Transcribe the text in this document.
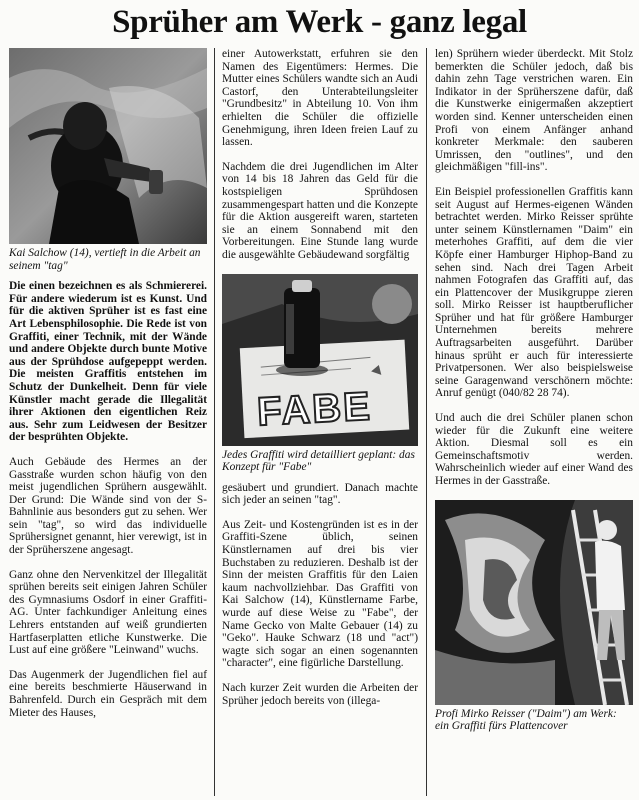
Sprüher am Werk - ganz legal
Kai Salchow (14), vertieft in die Arbeit an seinem "tag"

Die einen bezeichnen es als Schmiererei. Für andere wiederum ist es Kunst. Und für die aktiven Sprüher ist es fast eine Art Lebensphilosophie. Die Rede ist von Graffiti, einer Technik, mit der Wände und andere Objekte durch bunte Motive aus der Sprühdose aufgepeppt werden. Die meisten Graffitis entstehen im Schutz der Dunkelheit. Denn für viele Künstler macht gerade die Illegalität ihrer Aktionen den eigentlichen Reiz aus. Sehr zum Leidwesen der Besitzer der besprühten Objekte.

Auch Gebäude des Hermes an der Gasstraße wurden schon häufig von den meist jugendlichen Sprühern ausgewählt. Der Grund: Die Wände sind von der S-Bahnlinie aus besonders gut zu sehen. Wer sein "tag", so wird das individuelle Sprühersignet genannt, hier verewigt, ist in der Sprüherszene angesagt.

Ganz ohne den Nervenkitzel der Illegalität sprühen bereits seit einigen Jahren Schüler des Gymnasiums Osdorf in einer Graffiti-AG. Unter fachkundiger Anleitung eines Lehrers entstanden auf weiß grundierten Hartfaserplatten etliche Kunstwerke. Die Lust auf eine größere "Leinwand" wuchs.

Das Augenmerk der Jugendlichen fiel auf eine bereits beschmierte Häuserwand in Bahrenfeld. Durch ein Gespräch mit dem Mieter des Hauses,

einer Autowerkstatt, erfuhren sie den Namen des Eigentümers: Hermes. Die Mutter eines Schülers wandte sich an Audi Castorf, den Unterabteilungsleiter "Grundbesitz" in Abteilung 10. Von ihm erhielten die Schüler die offizielle Genehmigung, ihren Ideen freien Lauf zu lassen.

Nachdem die drei Jugendlichen im Alter von 14 bis 18 Jahren das Geld für die kostspieligen Sprühdosen zusammengespart hatten und die Konzepte für die Aktion ausgereift waren, starteten sie an einem Sonnabend mit den Vorbereitungen. Eine Stunde lang wurde die ausgewählte Gebäudewand sorgfältig

FABE
Jedes Graffiti wird detailliert geplant: das Konzept für "Fabe"

gesäubert und grundiert. Danach machte sich jeder an seinen "tag".

Aus Zeit- und Kostengründen ist es in der Graffiti-Szene üblich, seinen Künstlernamen auf drei bis vier Buchstaben zu reduzieren. Deshalb ist der Sinn der meisten Graffitis für den Laien kaum nachvollziehbar. Das Graffiti von Kai Salchow (14), Künstlername Farbe, wurde auf diese Weise zu "Fabe", der Name Gecko von Malte Gebauer (14) zu "Geko". Hauke Schwarz (18 und "act") wagte sich sogar an einen sogenannten "character", eine figürliche Darstellung.

Nach kurzer Zeit wurden die Arbeiten der Sprüher jedoch bereits von (illega-

len) Sprühern wieder überdeckt. Mit Stolz bemerkten die Schüler jedoch, daß bis dahin zehn Tage verstrichen waren. Ein Indikator in der Sprüherszene dafür, daß die Kunstwerke einigermaßen akzeptiert worden sind. Kenner unterscheiden einen Profi von einem Anfänger anhand konkreter Merkmale: den sauberen Umrissen, den "outlines", und den gleichmäßigen "fill-ins".

Ein Beispiel professionellen Graffitis kann seit August auf Hermes-eigenen Wänden betrachtet werden. Mirko Reisser sprühte unter seinem Künstlernamen "Daim" ein meterhohes Graffiti, auf dem die vier Köpfe einer Hamburger Hiphop-Band zu sehen sind. Nach drei Tagen Arbeit nahmen Fotografen das Graffiti auf, das ein Plattencover der Musikgruppe zieren soll. Mirko Reisser ist hauptberuflicher Sprüher und hat für größere Hamburger Unternehmen bereits mehrere Auftragsarbeiten ausgeführt. Darüber hinaus sprüht er auch für interessierte Privatpersonen. Wer also beispielsweise seine Garagenwand verschönern möchte: Anruf genügt (040/82 28 74).

Und auch die drei Schüler planen schon wieder für die Zukunft eine weitere Aktion. Diesmal soll es ein Gemeinschaftsmotiv werden. Wahrscheinlich wieder auf einer Wand des Hermes in der Gasstraße.

Profi Mirko Reisser ("Daim") am Werk: ein Graffiti fürs Plattencover
